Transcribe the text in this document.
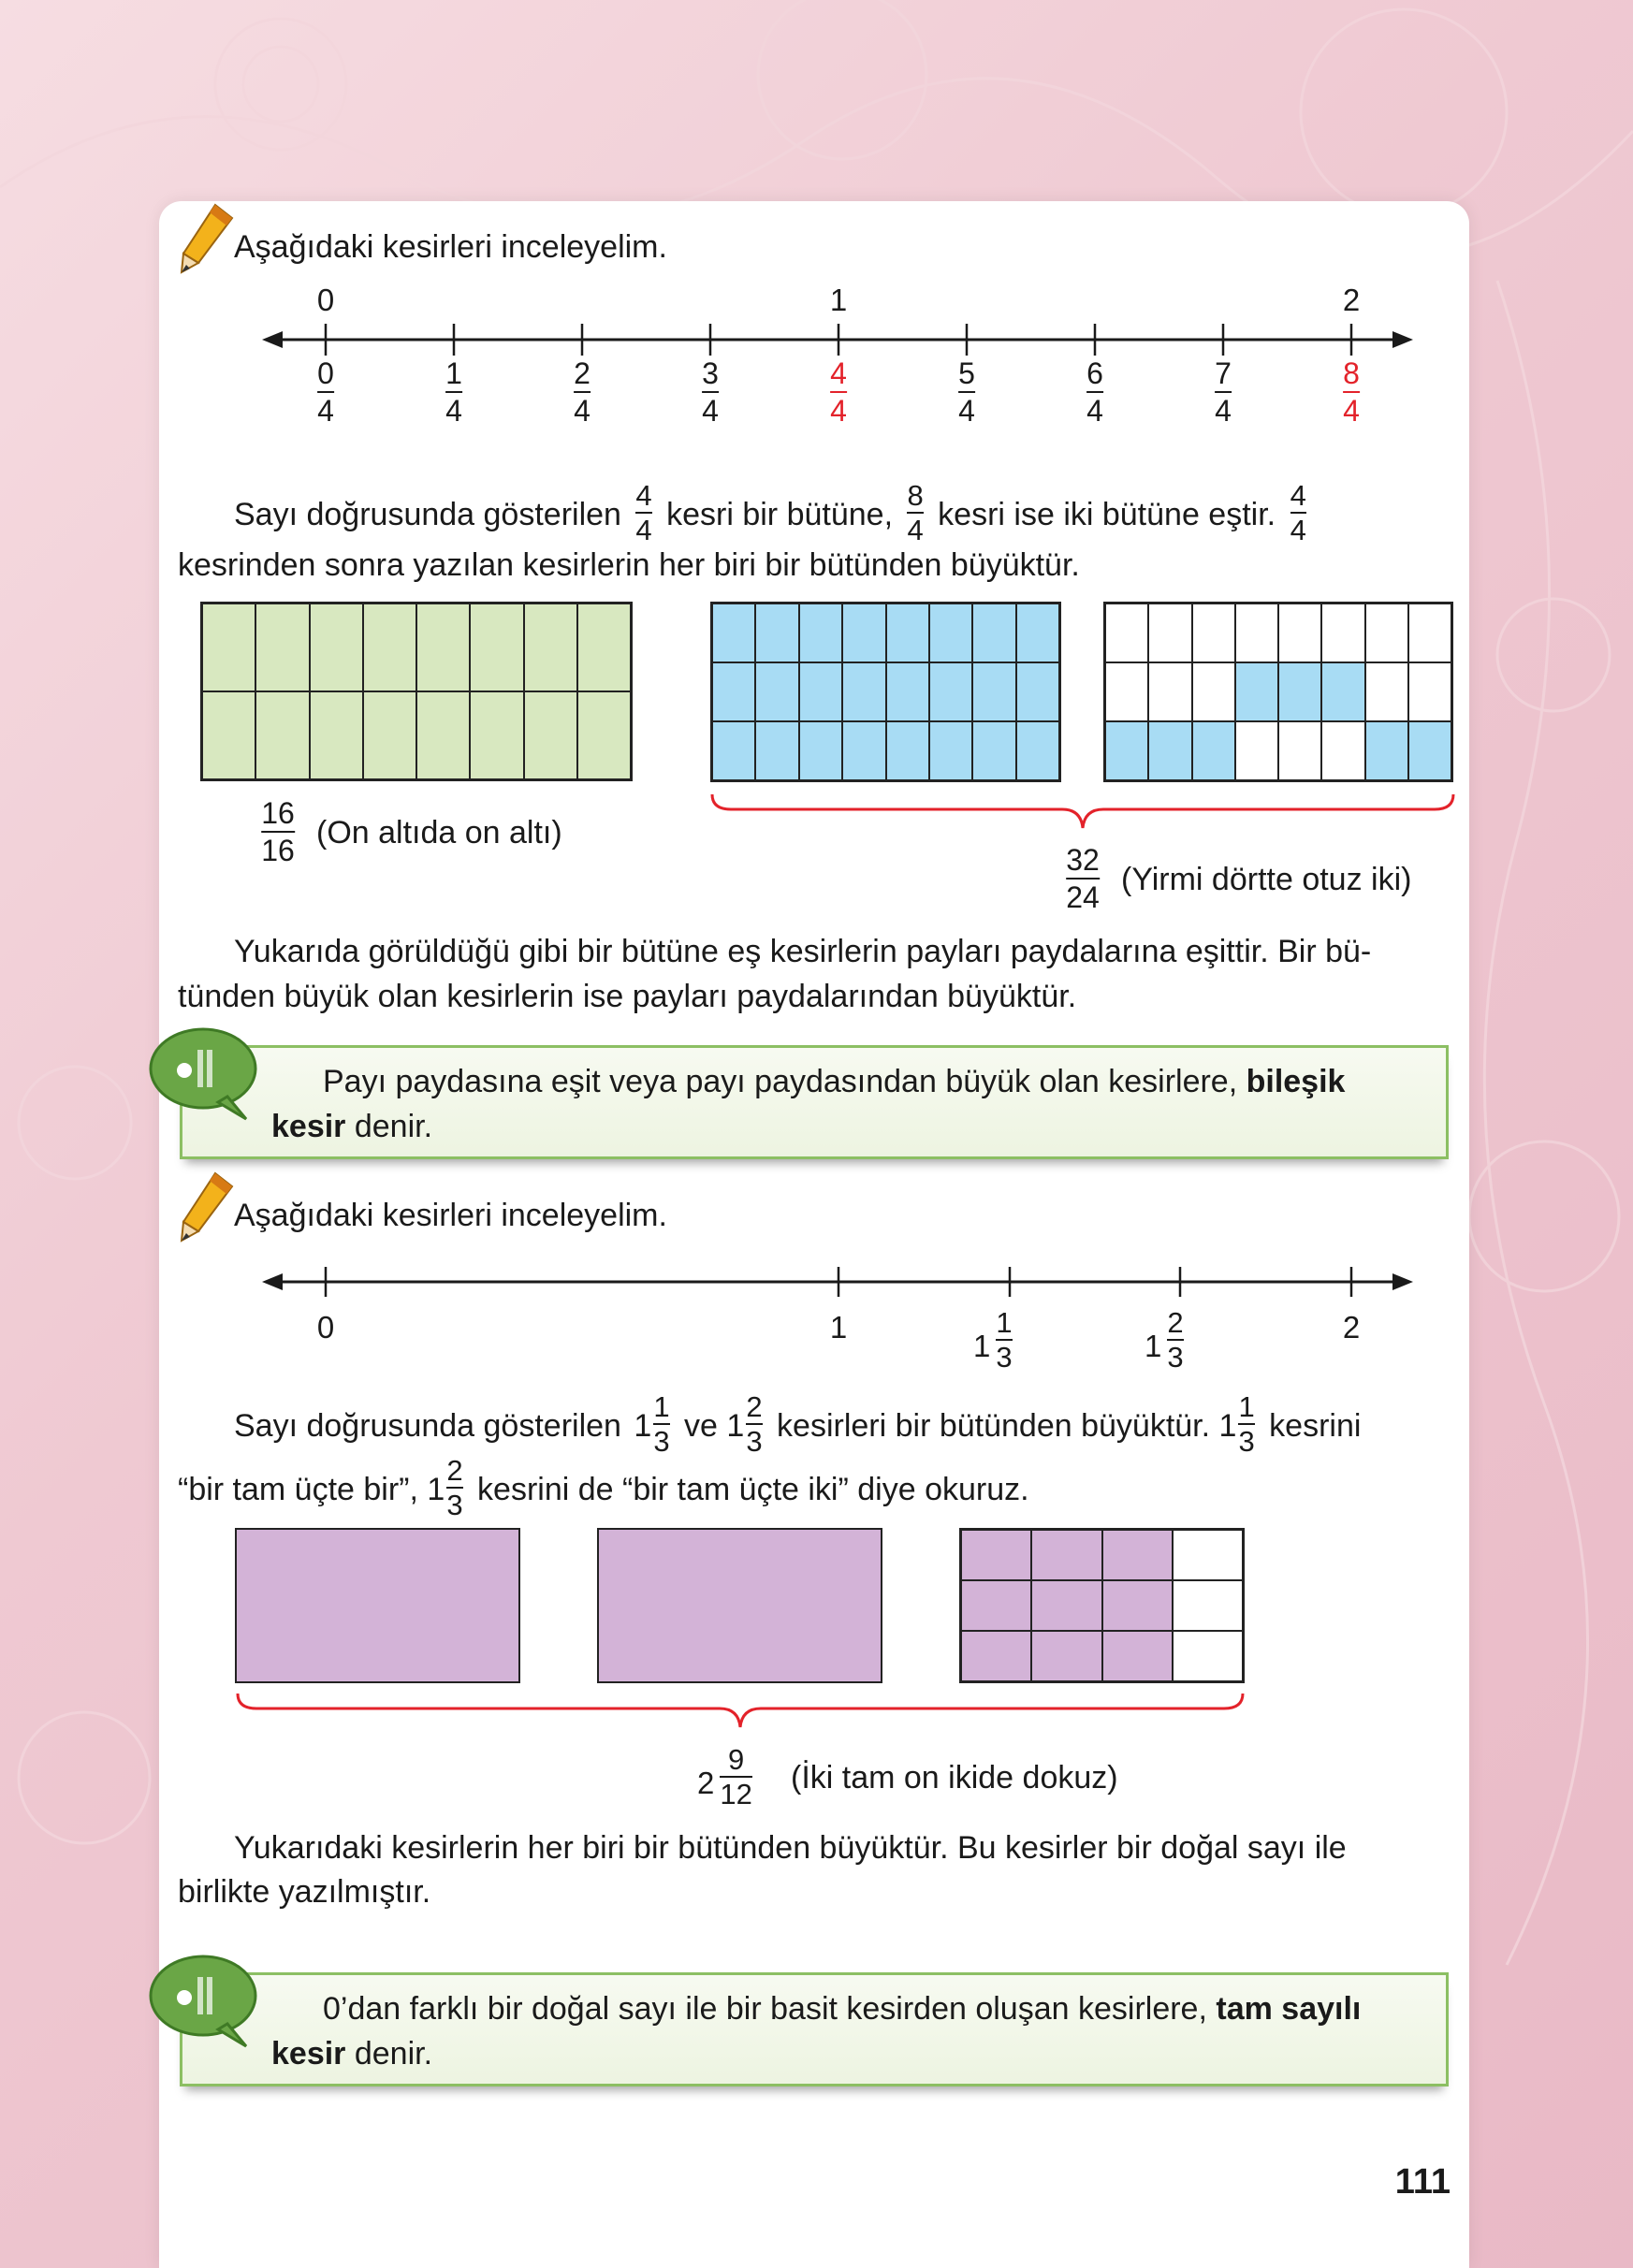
Aşağıdaki kesirleri inceleyelim.
0	1	2
0
4
1
4
2
4
3
4
4
4
5
4
6
4
7
4
8
4
Sayı doğrusunda gösterilen $\frac{4}{4}$ kesri bir bütüne, $\frac{8}{4}$ kesri ise iki bütüne eştir. $\frac{4}{4}$
kesrinden sonra yazılan kesirlerin her biri bir bütünden büyüktür.
16
16 (On altıda on altı)
32
24 (Yirmi dörtte otuz iki)
Yukarıda görüldüğü gibi bir bütüne eş kesirlerin payları paydalarına eşittir. Bir bü-
tünden büyük olan kesirlerin ise payları paydalarından büyüktür.
Payı paydasına eşit veya payı paydasından büyük olan kesirlere, bileşik kesir denir.
Aşağıdaki kesirleri inceleyelim.
0	1	2
1
1
3	1
2
3
Sayı doğrusunda gösterilen $1 \frac{1}{3}$ ve $1 \frac{2}{3}$ kesirleri bir bütünden büyüktür. $1 \frac{1}{3}$ kesrini
“bir tam üçte bir”, $1 \frac{2}{3}$ kesrini de “bir tam üçte iki” diye okuruz.
2
9
12 (İki tam on ikide dokuz)
Yukarıdaki kesirlerin her biri bir bütünden büyüktür. Bu kesirler bir doğal sayı ile
birlikte yazılmıştır.
0’dan farklı bir doğal sayı ile bir basit kesirden oluşan kesirlere, tam sayılı kesir denir.
111
